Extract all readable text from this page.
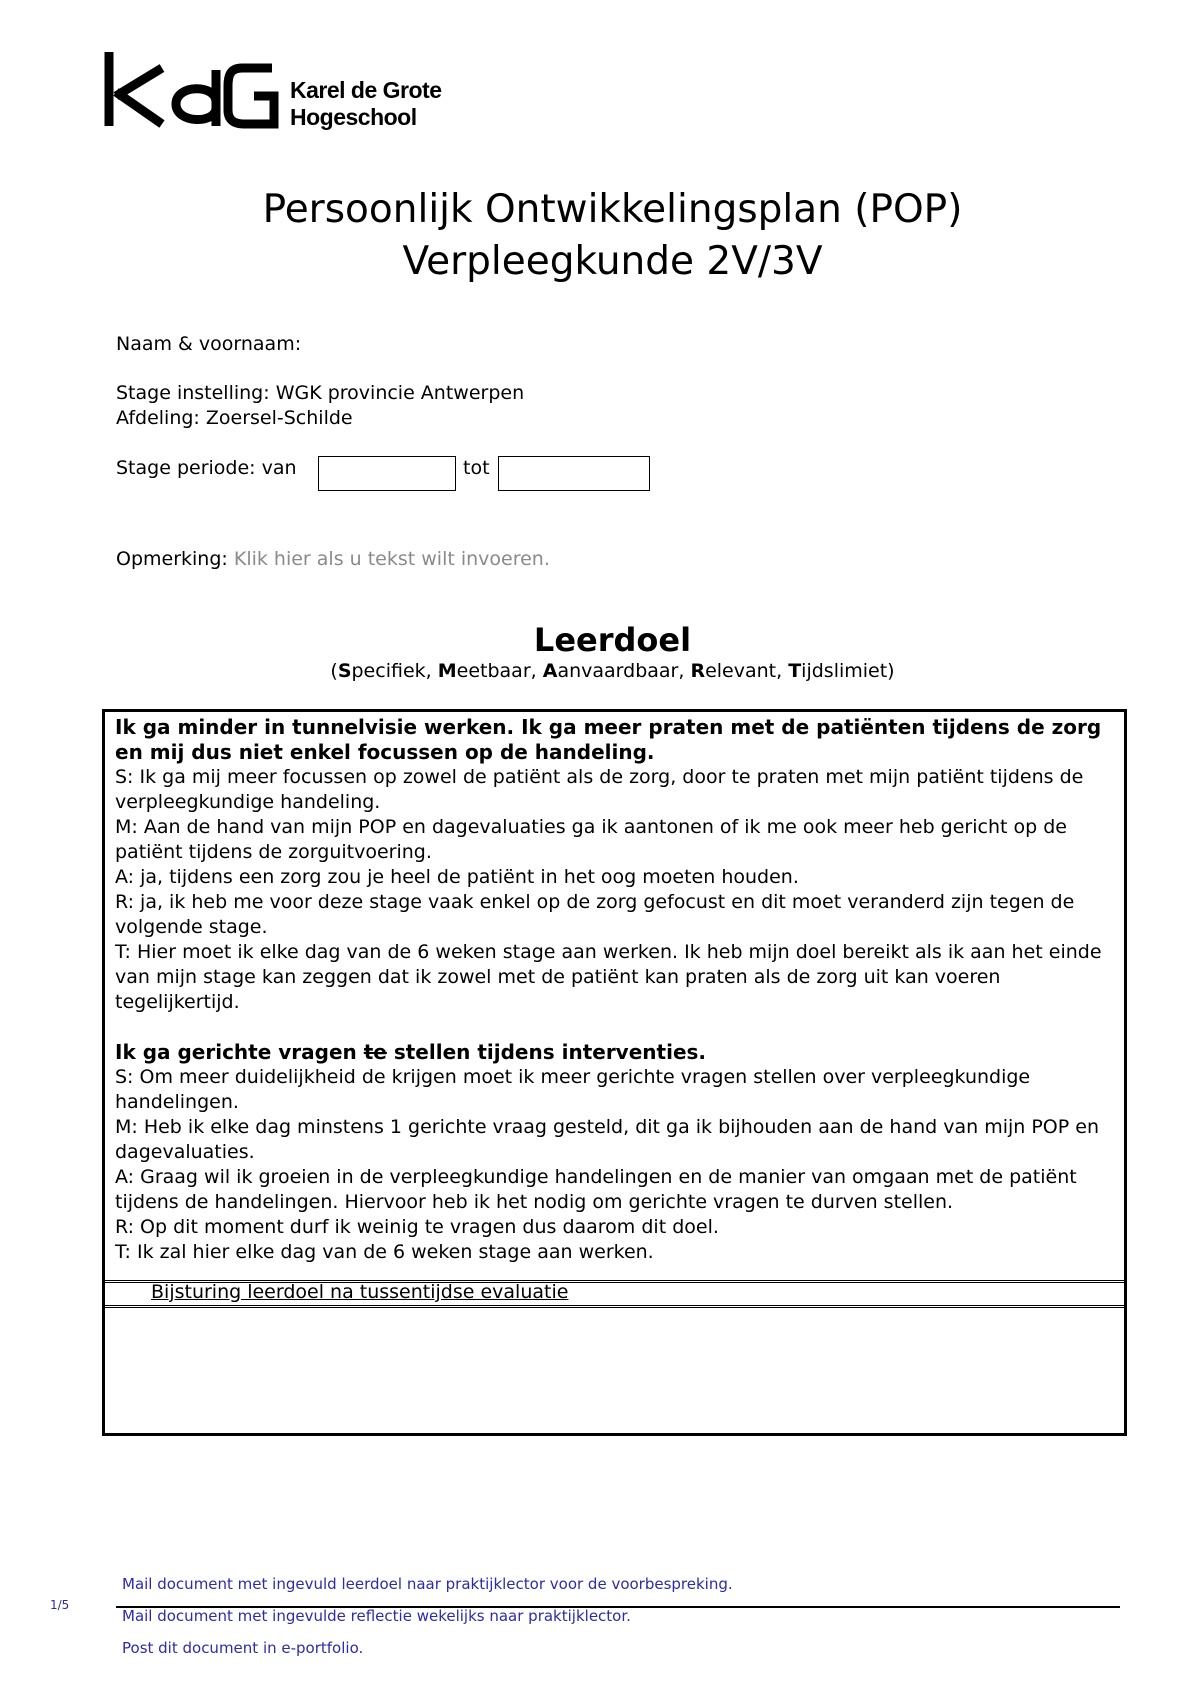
Karel de Grote
Hogeschool
Persoonlijk Ontwikkelingsplan (POP)
Verpleegkunde 2V/3V
Naam & voornaam:
Stage instelling: WGK provincie Antwerpen
Afdeling: Zoersel-Schilde
Stage periode: van	tot
Opmerking: Klik hier als u tekst wilt invoeren.
Leerdoel
(Specifiek, Meetbaar, Aanvaardbaar, Relevant, Tijdslimiet)

Ik ga minder in tunnelvisie werken. Ik ga meer praten met de patiënten tijdens de zorg en mij dus niet enkel focussen op de handeling.

S: Ik ga mij meer focussen op zowel de patiënt als de zorg, door te praten met mijn patiënt tijdens de verpleegkundige handeling.

M: Aan de hand van mijn POP en dagevaluaties ga ik aantonen of ik me ook meer heb gericht op de patiënt tijdens de zorguitvoering.

A: ja, tijdens een zorg zou je heel de patiënt in het oog moeten houden.

R: ja, ik heb me voor deze stage vaak enkel op de zorg gefocust en dit moet veranderd zijn tegen de volgende stage.

T: Hier moet ik elke dag van de 6 weken stage aan werken. Ik heb mijn doel bereikt als ik aan het einde van mijn stage kan zeggen dat ik zowel met de patiënt kan praten als de zorg uit kan voeren tegelijkertijd.

Ik ga gerichte vragen te stellen tijdens interventies.

S: Om meer duidelijkheid de krijgen moet ik meer gerichte vragen stellen over verpleegkundige handelingen.

M: Heb ik elke dag minstens 1 gerichte vraag gesteld, dit ga ik bijhouden aan de hand van mijn POP en dagevaluaties.

A: Graag wil ik groeien in de verpleegkundige handelingen en de manier van omgaan met de patiënt tijdens de handelingen. Hiervoor heb ik het nodig om gerichte vragen te durven stellen.

R: Op dit moment durf ik weinig te vragen dus daarom dit doel.

T: Ik zal hier elke dag van de 6 weken stage aan werken.

Bijsturing leerdoel na tussentijdse evaluatie
Mail document met ingevuld leerdoel naar praktijklector voor de voorbespreking.
Mail document met ingevulde reflectie wekelijks naar praktijklector.
Post dit document in e-portfolio.
1/5
